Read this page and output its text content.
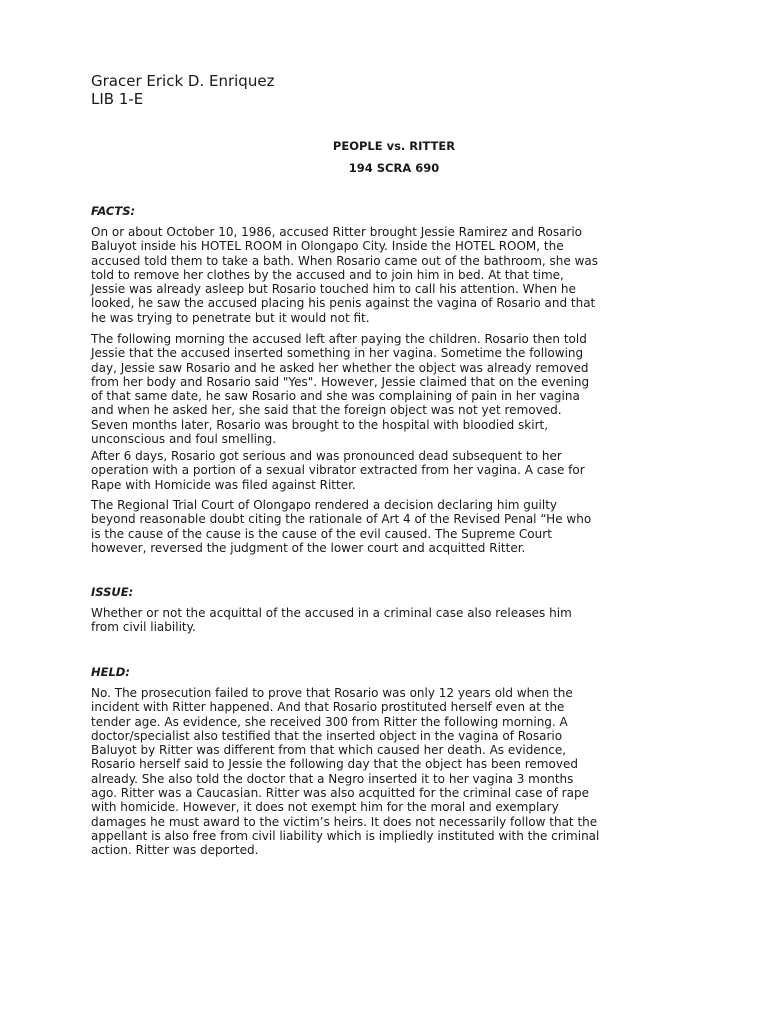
Gracer Erick D. Enriquez
LIB 1-E
PEOPLE vs. RITTER
194 SCRA 690
FACTS:
On or about October 10, 1986, accused Ritter brought Jessie Ramirez and Rosario
Baluyot inside his HOTEL ROOM in Olongapo City. Inside the HOTEL ROOM, the
accused told them to take a bath. When Rosario came out of the bathroom, she was
told to remove her clothes by the accused and to join him in bed. At that time,
Jessie was already asleep but Rosario touched him to call his attention. When he
looked, he saw the accused placing his penis against the vagina of Rosario and that
he was trying to penetrate but it would not fit.
The following morning the accused left after paying the children. Rosario then told
Jessie that the accused inserted something in her vagina. Sometime the following
day, Jessie saw Rosario and he asked her whether the object was already removed
from her body and Rosario said "Yes". However, Jessie claimed that on the evening
of that same date, he saw Rosario and she was complaining of pain in her vagina
and when he asked her, she said that the foreign object was not yet removed.
Seven months later, Rosario was brought to the hospital with bloodied skirt,
unconscious and foul smelling.
After 6 days, Rosario got serious and was pronounced dead subsequent to her
operation with a portion of a sexual vibrator extracted from her vagina. A case for
Rape with Homicide was filed against Ritter.
The Regional Trial Court of Olongapo rendered a decision declaring him guilty
beyond reasonable doubt citing the rationale of Art 4 of the Revised Penal “He who
is the cause of the cause is the cause of the evil caused. The Supreme Court
however, reversed the judgment of the lower court and acquitted Ritter.
ISSUE:
Whether or not the acquittal of the accused in a criminal case also releases him
from civil liability.
HELD:
No. The prosecution failed to prove that Rosario was only 12 years old when the
incident with Ritter happened. And that Rosario prostituted herself even at the
tender age. As evidence, she received 300 from Ritter the following morning. A
doctor/specialist also testified that the inserted object in the vagina of Rosario
Baluyot by Ritter was different from that which caused her death. As evidence,
Rosario herself said to Jessie the following day that the object has been removed
already. She also told the doctor that a Negro inserted it to her vagina 3 months
ago. Ritter was a Caucasian. Ritter was also acquitted for the criminal case of rape
with homicide. However, it does not exempt him for the moral and exemplary
damages he must award to the victim’s heirs. It does not necessarily follow that the
appellant is also free from civil liability which is impliedly instituted with the criminal
action. Ritter was deported.
